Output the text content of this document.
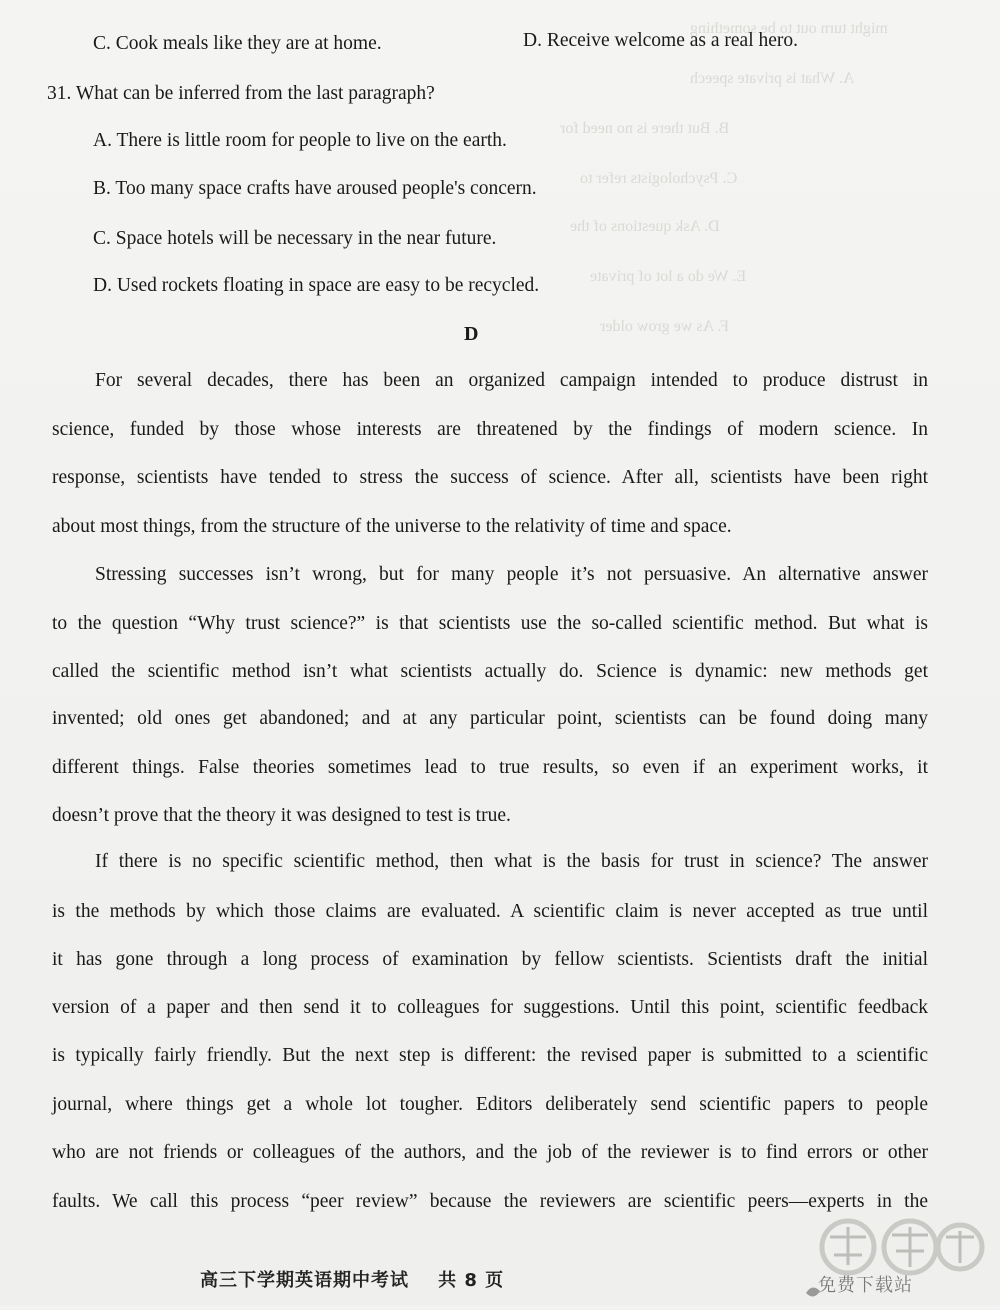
might turn out to be something
A. What is private speech
B. But there is no need for
C. Psychologists refer to
D. Ask questions of the
E. We do a lot of private
F. As we grow older
C. Cook meals like they are at home.	D. Receive welcome as a real hero.
31. What can be inferred from the last paragraph?
A. There is little room for people to live on the earth.
B. Too many space crafts have aroused people's concern.
C. Space hotels will be necessary in the near future.
D. Used rockets floating in space are easy to be recycled.
D
For several decades, there has been an organized campaign intended to produce distrust in
science, funded by those whose interests are threatened by the findings of modern science. In
response, scientists have tended to stress the success of science. After all, scientists have been right
about most things, from the structure of the universe to the relativity of time and space.
Stressing successes isn’t wrong, but for many people it’s not persuasive. An alternative answer
to the question “Why trust science?” is that scientists use the so-called scientific method. But what is
called the scientific method isn’t what scientists actually do. Science is dynamic: new methods get
invented; old ones get abandoned; and at any particular point, scientists can be found doing many
different things. False theories sometimes lead to true results, so even if an experiment works, it
doesn’t prove that the theory it was designed to test is true.
If there is no specific scientific method, then what is the basis for trust in science? The answer
is the methods by which those claims are evaluated. A scientific claim is never accepted as true until
it has gone through a long process of examination by fellow scientists. Scientists draft the initial
version of a paper and then send it to colleagues for suggestions. Until this point, scientific feedback
is typically fairly friendly. But the next step is different: the revised paper is submitted to a scientific
journal, where things get a whole lot tougher. Editors deliberately send scientific papers to people
who are not friends or colleagues of the authors, and the job of the reviewer is to find errors or other
faults. We call this process “peer review” because the reviewers are scientific peers—experts in the
高三下学期英语期中考试    共 8 页	免费下载站
